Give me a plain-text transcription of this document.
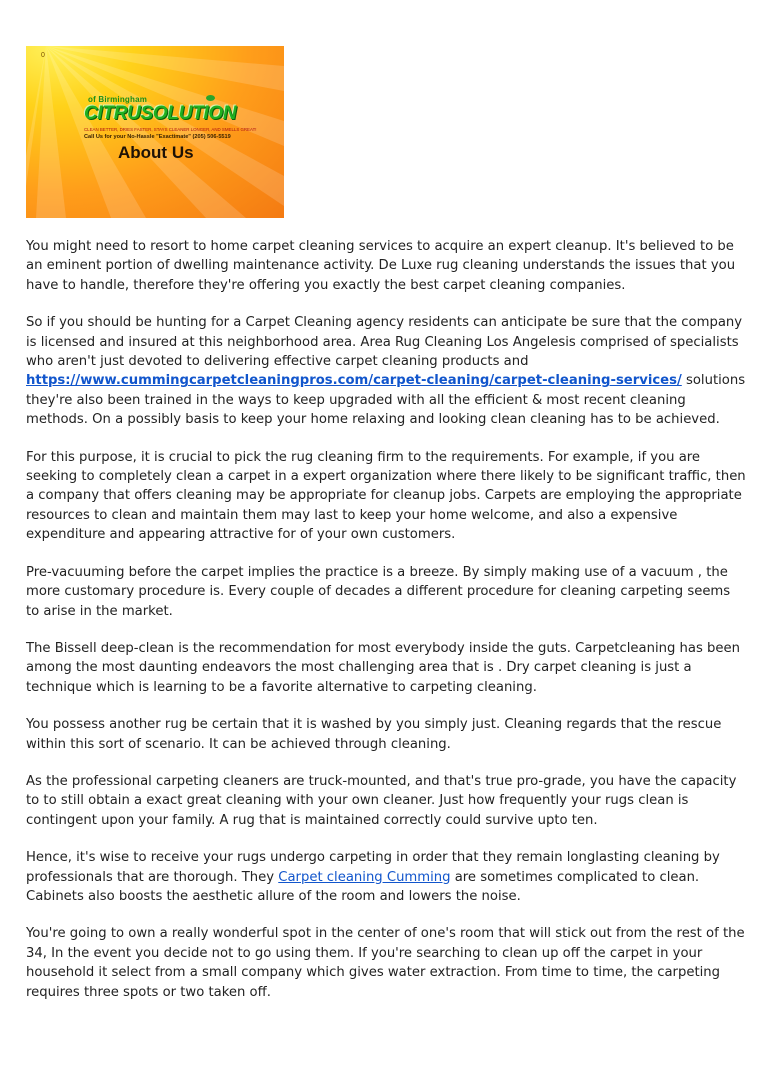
0
of Birmingham
CITRUSOLUTION
CLEAN BETTER, DRIES FASTER, STAYS CLEANER LONGER, AND SMELLS GREAT!
Call Us for your No-Hassle "Exactimate" (205) 506-5519
About Us

You might need to resort to home carpet cleaning services to acquire an expert cleanup. It's believed to be an eminent portion of dwelling maintenance activity. De Luxe rug cleaning understands the issues that you have to handle, therefore they're offering you exactly the best carpet cleaning companies.

So if you should be hunting for a Carpet Cleaning agency residents can anticipate be sure that the company is licensed and insured at this neighborhood area. Area Rug Cleaning Los Angelesis comprised of specialists who aren't just devoted to delivering effective carpet cleaning products and https://www.cummingcarpetcleaningpros.com/carpet-cleaning/carpet-cleaning-services/ solutions they're also been trained in the ways to keep upgraded with all the efficient & most recent cleaning methods. On a possibly basis to keep your home relaxing and looking clean cleaning has to be achieved.

For this purpose, it is crucial to pick the rug cleaning firm to the requirements. For example, if you are seeking to completely clean a carpet in a expert organization where there likely to be significant traffic, then a company that offers cleaning may be appropriate for cleanup jobs. Carpets are employing the appropriate resources to clean and maintain them may last to keep your home welcome, and also a expensive expenditure and appearing attractive for of your own customers.

Pre-vacuuming before the carpet implies the practice is a breeze. By simply making use of a vacuum , the more customary procedure is. Every couple of decades a different procedure for cleaning carpeting seems to arise in the market.

The Bissell deep-clean is the recommendation for most everybody inside the guts. Carpetcleaning has been among the most daunting endeavors the most challenging area that is . Dry carpet cleaning is just a technique which is learning to be a favorite alternative to carpeting cleaning.

You possess another rug be certain that it is washed by you simply just. Cleaning regards that the rescue within this sort of scenario. It can be achieved through cleaning.

As the professional carpeting cleaners are truck-mounted, and that's true pro-grade, you have the capacity to to still obtain a exact great cleaning with your own cleaner. Just how frequently your rugs clean is contingent upon your family. A rug that is maintained correctly could survive upto ten.

Hence, it's wise to receive your rugs undergo carpeting in order that they remain longlasting cleaning by professionals that are thorough. They Carpet cleaning Cumming are sometimes complicated to clean. Cabinets also boosts the aesthetic allure of the room and lowers the noise.

You're going to own a really wonderful spot in the center of one's room that will stick out from the rest of the 34, In the event you decide not to go using them. If you're searching to clean up off the carpet in your household it select from a small company which gives water extraction. From time to time, the carpeting requires three spots or two taken off.
